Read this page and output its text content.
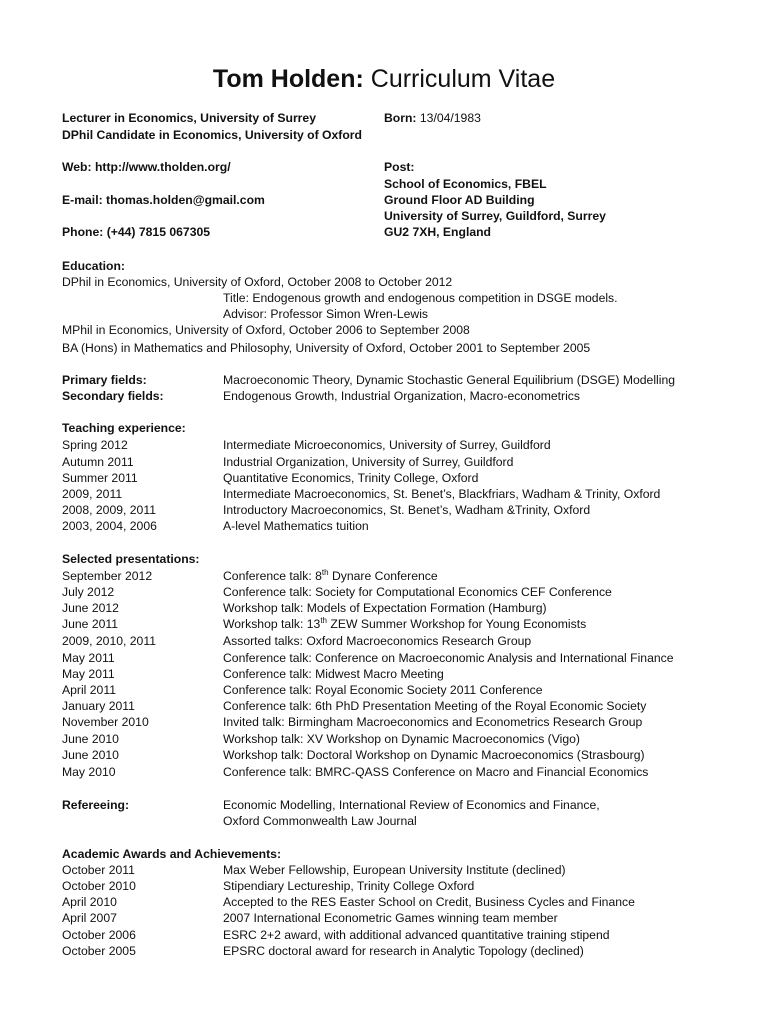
Tom Holden: Curriculum Vitae
Lecturer in Economics, University of Surrey
DPhil Candidate in Economics, University of Oxford
Born: 13/04/1983
Web: http://www.tholden.org/	Post:
School of Economics, FBEL
Ground Floor AD Building
University of Surrey, Guildford, Surrey
GU2 7XH, England
E-mail: thomas.holden@gmail.com
Phone: (+44) 7815 067305
Education:
DPhil in Economics, University of Oxford, October 2008 to October 2012
Title: Endogenous growth and endogenous competition in DSGE models.
Advisor: Professor Simon Wren-Lewis
MPhil in Economics, University of Oxford, October 2006 to September 2008
BA (Hons) in Mathematics and Philosophy, University of Oxford, October 2001 to September 2005
Primary fields:	Macroeconomic Theory, Dynamic Stochastic General Equilibrium (DSGE) Modelling
Secondary fields:	Endogenous Growth, Industrial Organization, Macro-econometrics
Teaching experience:
Spring 2012	Intermediate Microeconomics, University of Surrey, Guildford
Autumn 2011	Industrial Organization, University of Surrey, Guildford
Summer 2011	Quantitative Economics, Trinity College, Oxford
2009, 2011	Intermediate Macroeconomics, St. Benet’s, Blackfriars, Wadham & Trinity, Oxford
2008, 2009, 2011	Introductory Macroeconomics, St. Benet’s, Wadham &Trinity, Oxford
2003, 2004, 2006	A-level Mathematics tuition
Selected presentations:
September 2012	Conference talk: 8th Dynare Conference
July 2012	Conference talk: Society for Computational Economics CEF Conference
June 2012	Workshop talk: Models of Expectation Formation (Hamburg)
June 2011	Workshop talk: 13th ZEW Summer Workshop for Young Economists
2009, 2010, 2011	Assorted talks: Oxford Macroeconomics Research Group
May 2011	Conference talk: Conference on Macroeconomic Analysis and International Finance
May 2011	Conference talk: Midwest Macro Meeting
April 2011	Conference talk: Royal Economic Society 2011 Conference
January 2011	Conference talk: 6th PhD Presentation Meeting of the Royal Economic Society
November 2010	Invited talk: Birmingham Macroeconomics and Econometrics Research Group
June 2010	Workshop talk: XV Workshop on Dynamic Macroeconomics (Vigo)
June 2010	Workshop talk: Doctoral Workshop on Dynamic Macroeconomics (Strasbourg)
May 2010	Conference talk: BMRC-QASS Conference on Macro and Financial Economics
Refereeing:	Economic Modelling, International Review of Economics and Finance,
Oxford Commonwealth Law Journal
Academic Awards and Achievements:
October 2011	Max Weber Fellowship, European University Institute (declined)
October 2010	Stipendiary Lectureship, Trinity College Oxford
April 2010	Accepted to the RES Easter School on Credit, Business Cycles and Finance
April 2007	2007 International Econometric Games winning team member
October 2006	ESRC 2+2 award, with additional advanced quantitative training stipend
October 2005	EPSRC doctoral award for research in Analytic Topology (declined)
